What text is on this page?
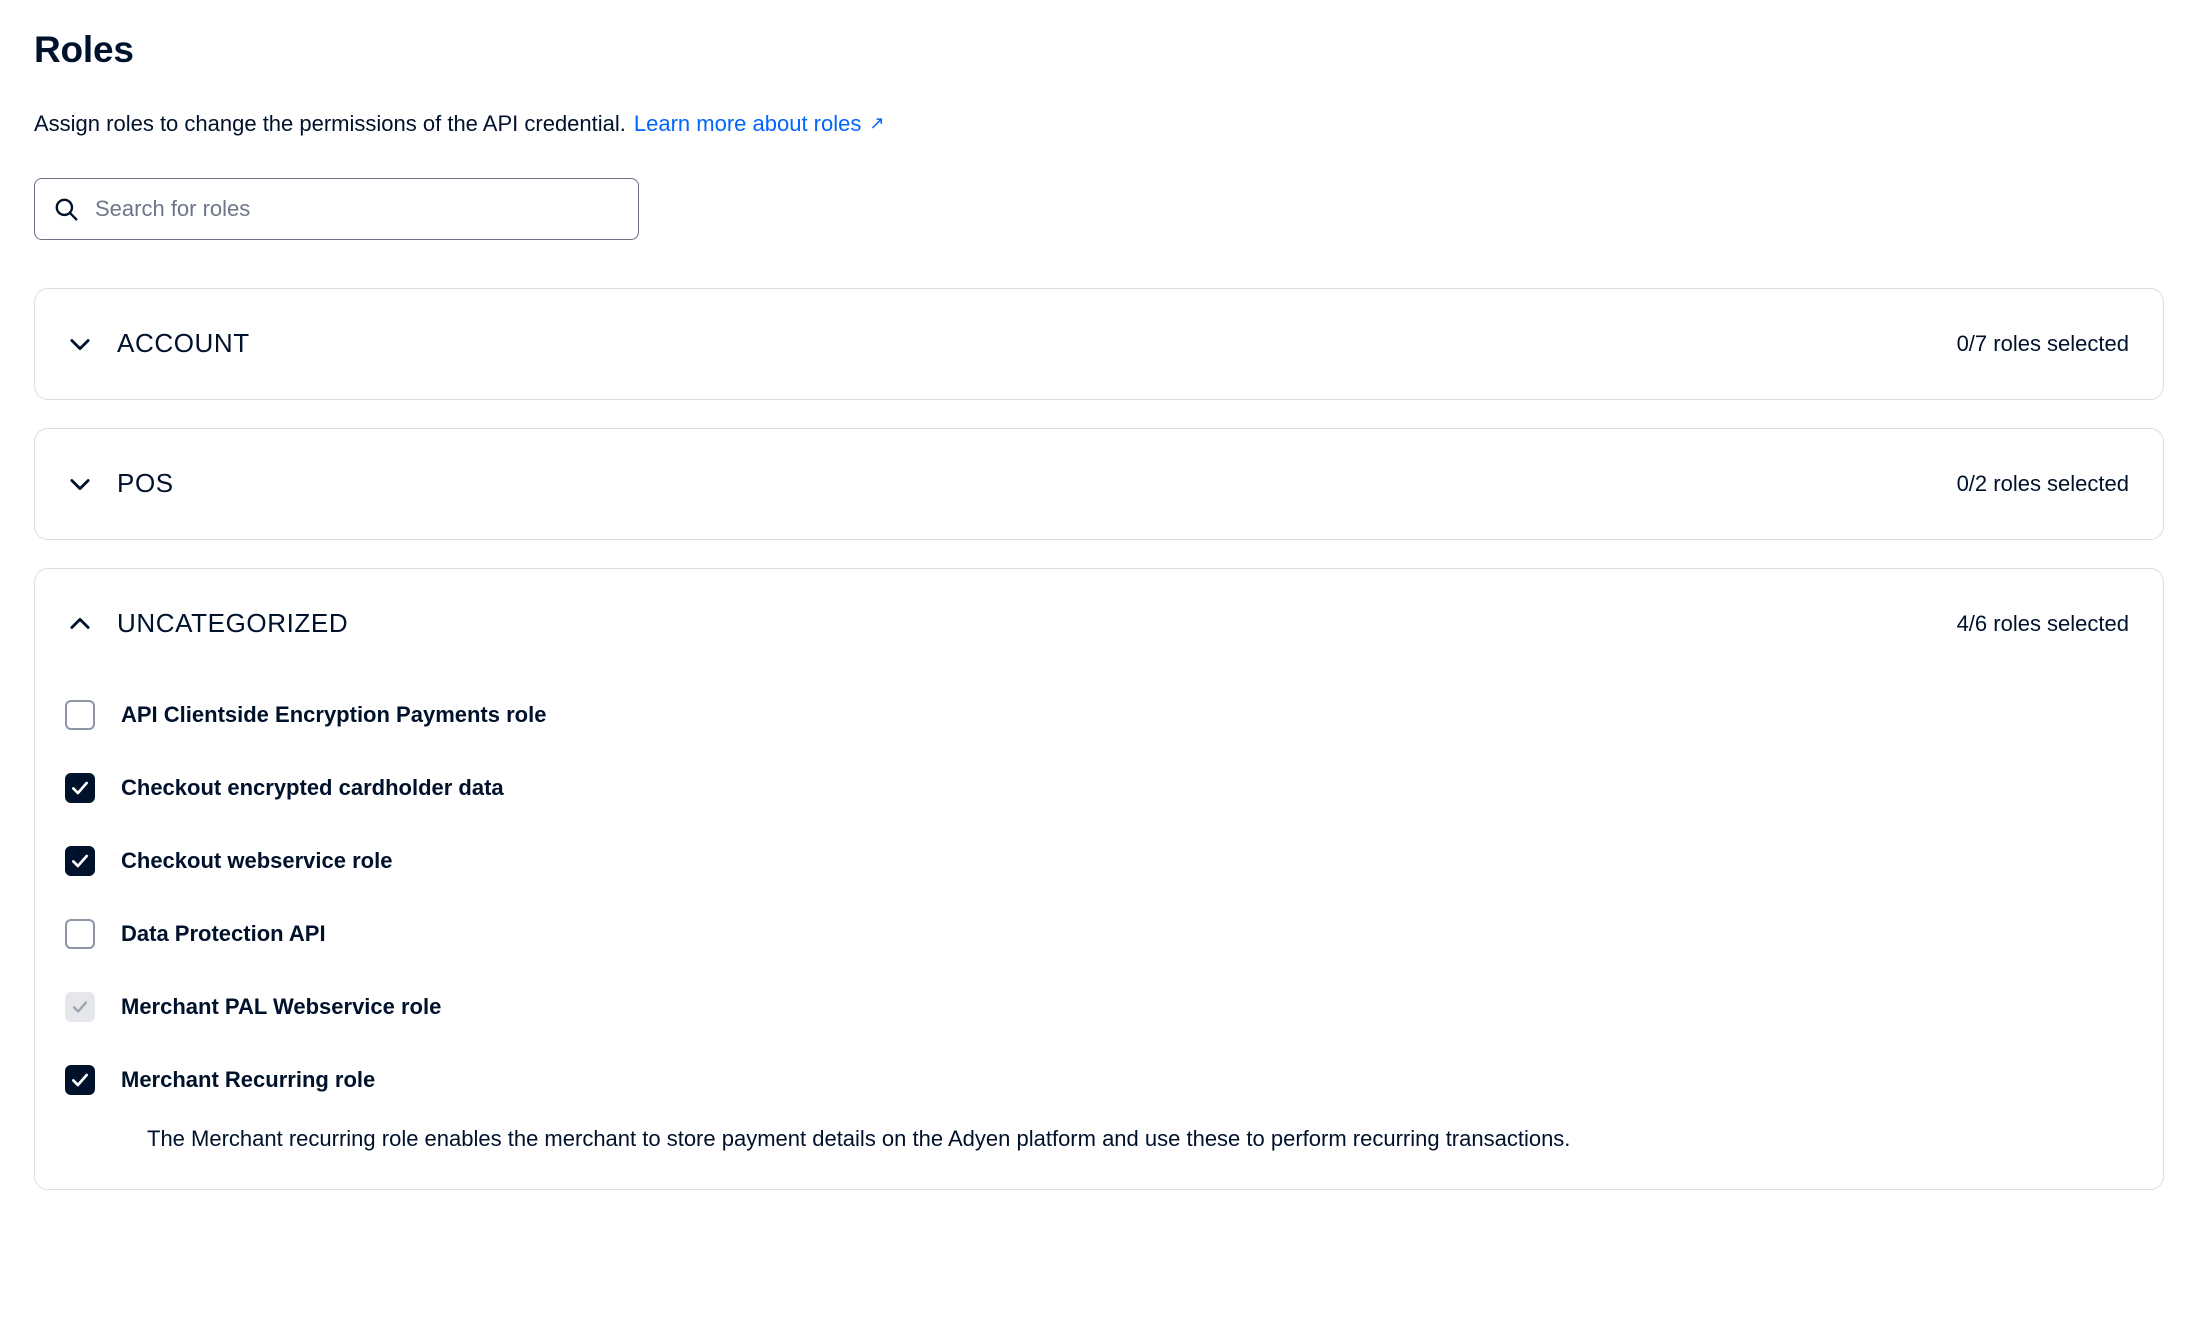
Roles
Assign roles to change the permissions of the API credential. Learn more about roles ↗
Search for roles
ACCOUNT	0/7 roles selected
POS	0/2 roles selected
UNCATEGORIZED	4/6 roles selected
API Clientside Encryption Payments role
Checkout encrypted cardholder data
Checkout webservice role
Data Protection API
Merchant PAL Webservice role
Merchant Recurring role
The Merchant recurring role enables the merchant to store payment details on the Adyen platform and use these to perform recurring transactions.
